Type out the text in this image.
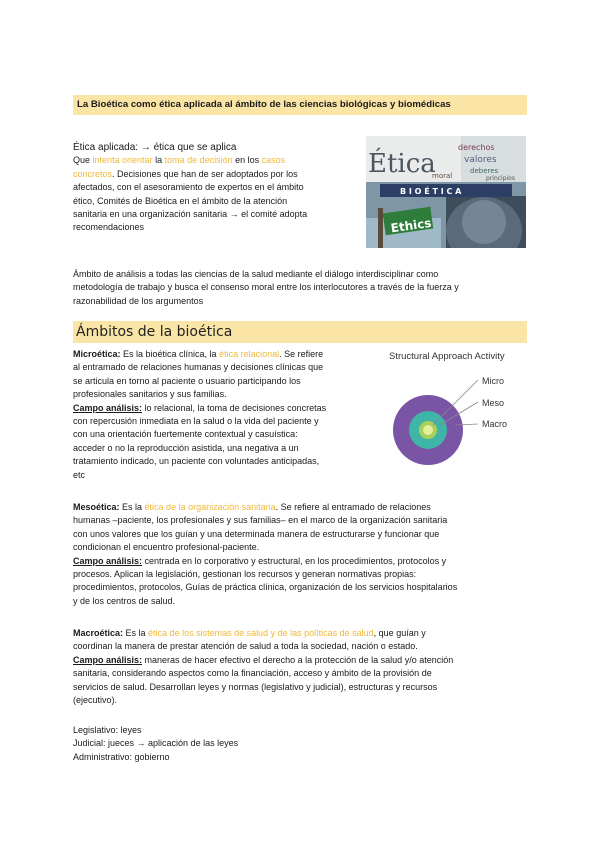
La Bioética como ética aplicada al ámbito de las ciencias biológicas y biomédicas
Ética aplicada: → ética que se aplica
Que intenta orientar la toma de decisión en los casos
concretos. Decisiones que han de ser adoptados por los
afectados, con el asesoramiento de expertos en el ámbito
ético, Comités de Bioética en el ámbito de la atención
sanitaria en una organización sanitaria → el comité adopta
recomendaciones
Ética
derechos
valores
deberes
moral	principios
B I O É T I C A
Ethics
Ámbito de análisis a todas las ciencias de la salud mediante el diálogo interdisciplinar como
metodología de trabajo y busca el consenso moral entre los interlocutores a través de la fuerza y
razonabilidad de los argumentos
Ámbitos de la bioética
Microética: Es la bioética clínica, la ética relacional. Se refiere
al entramado de relaciones humanas y decisiones clínicas que
se articula en torno al paciente o usuario participando los
profesionales sanitarios y sus familias.
Campo análisis: lo relacional, la toma de decisiones concretas
con repercusión inmediata en la salud o la vida del paciente y
con una orientación fuertemente contextual y casuística:
acceder o no la reproducción asistida, una negativa a un
tratamiento indicado, un paciente con voluntades anticipadas,
etc
Structural Approach Activity
Micro
Meso
Macro
Mesoética: Es la ética de la organización sanitaria. Se refiere al entramado de relaciones
humanas –paciente, los profesionales y sus familias– en el marco de la organización sanitaria
con unos valores que los guían y una determinada manera de estructurarse y funcionar que
condicionan el encuentro profesional-paciente.
Campo análisis: centrada en lo corporativo y estructural, en los procedimientos, protocolos y
procesos. Aplican la legislación, gestionan los recursos y generan normativas propias:
procedimientos, protocolos, Guías de práctica clínica, organización de los servicios hospitalarios
y de los centros de salud.
Macroética: Es la ética de los sistemas de salud y de las políticas de salud, que guían y
coordinan la manera de prestar atención de salud a toda la sociedad, nación o estado.
Campo análisis: maneras de hacer efectivo el derecho a la protección de la salud y/o atención
sanitaria, considerando aspectos como la financiación, acceso y ámbito de la provisión de
servicios de salud. Desarrollan leyes y normas (legislativo y judicial), estructuras y recursos
(ejecutivo).
Legislativo: leyes
Judicial: jueces → aplicación de las leyes
Administrativo: gobierno
